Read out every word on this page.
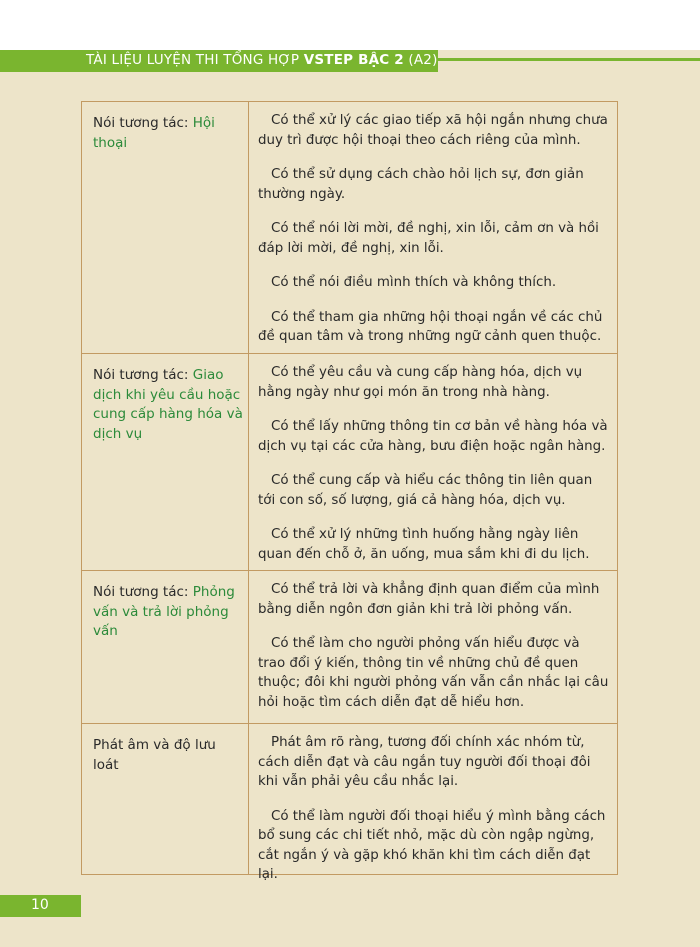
TÀI LIỆU LUYỆN THI TỔNG HỢP VSTEP BẬC 2 (A2)
Nói tương tác: Hội thoại

Có thể xử lý các giao tiếp xã hội ngắn nhưng chưa duy trì được hội thoại theo cách riêng của mình.

Có thể sử dụng cách chào hỏi lịch sự, đơn giản thường ngày.

Có thể nói lời mời, đề nghị, xin lỗi, cảm ơn và hồi đáp lời mời, đề nghị, xin lỗi.

Có thể nói điều mình thích và không thích.

Có thể tham gia những hội thoại ngắn về các chủ đề quan tâm và trong những ngữ cảnh quen thuộc.

Nói tương tác: Giao dịch khi yêu cầu hoặc cung cấp hàng hóa và dịch vụ

Có thể yêu cầu và cung cấp hàng hóa, dịch vụ hằng ngày như gọi món ăn trong nhà hàng.

Có thể lấy những thông tin cơ bản về hàng hóa và dịch vụ tại các cửa hàng, bưu điện hoặc ngân hàng.

Có thể cung cấp và hiểu các thông tin liên quan tới con số, số lượng, giá cả hàng hóa, dịch vụ.

Có thể xử lý những tình huống hằng ngày liên quan đến chỗ ở, ăn uống, mua sắm khi đi du lịch.

Nói tương tác: Phỏng vấn và trả lời phỏng vấn

Có thể trả lời và khẳng định quan điểm của mình bằng diễn ngôn đơn giản khi trả lời phỏng vấn.

Có thể làm cho người phỏng vấn hiểu được và trao đổi ý kiến, thông tin về những chủ đề quen thuộc; đôi khi người phỏng vấn vẫn cần nhắc lại câu hỏi hoặc tìm cách diễn đạt dễ hiểu hơn.

Phát âm và độ lưu loát

Phát âm rõ ràng, tương đối chính xác nhóm từ, cách diễn đạt và câu ngắn tuy người đối thoại đôi khi vẫn phải yêu cầu nhắc lại.

Có thể làm người đối thoại hiểu ý mình bằng cách bổ sung các chi tiết nhỏ, mặc dù còn ngập ngừng, cắt ngắn ý và gặp khó khăn khi tìm cách diễn đạt lại.

10
